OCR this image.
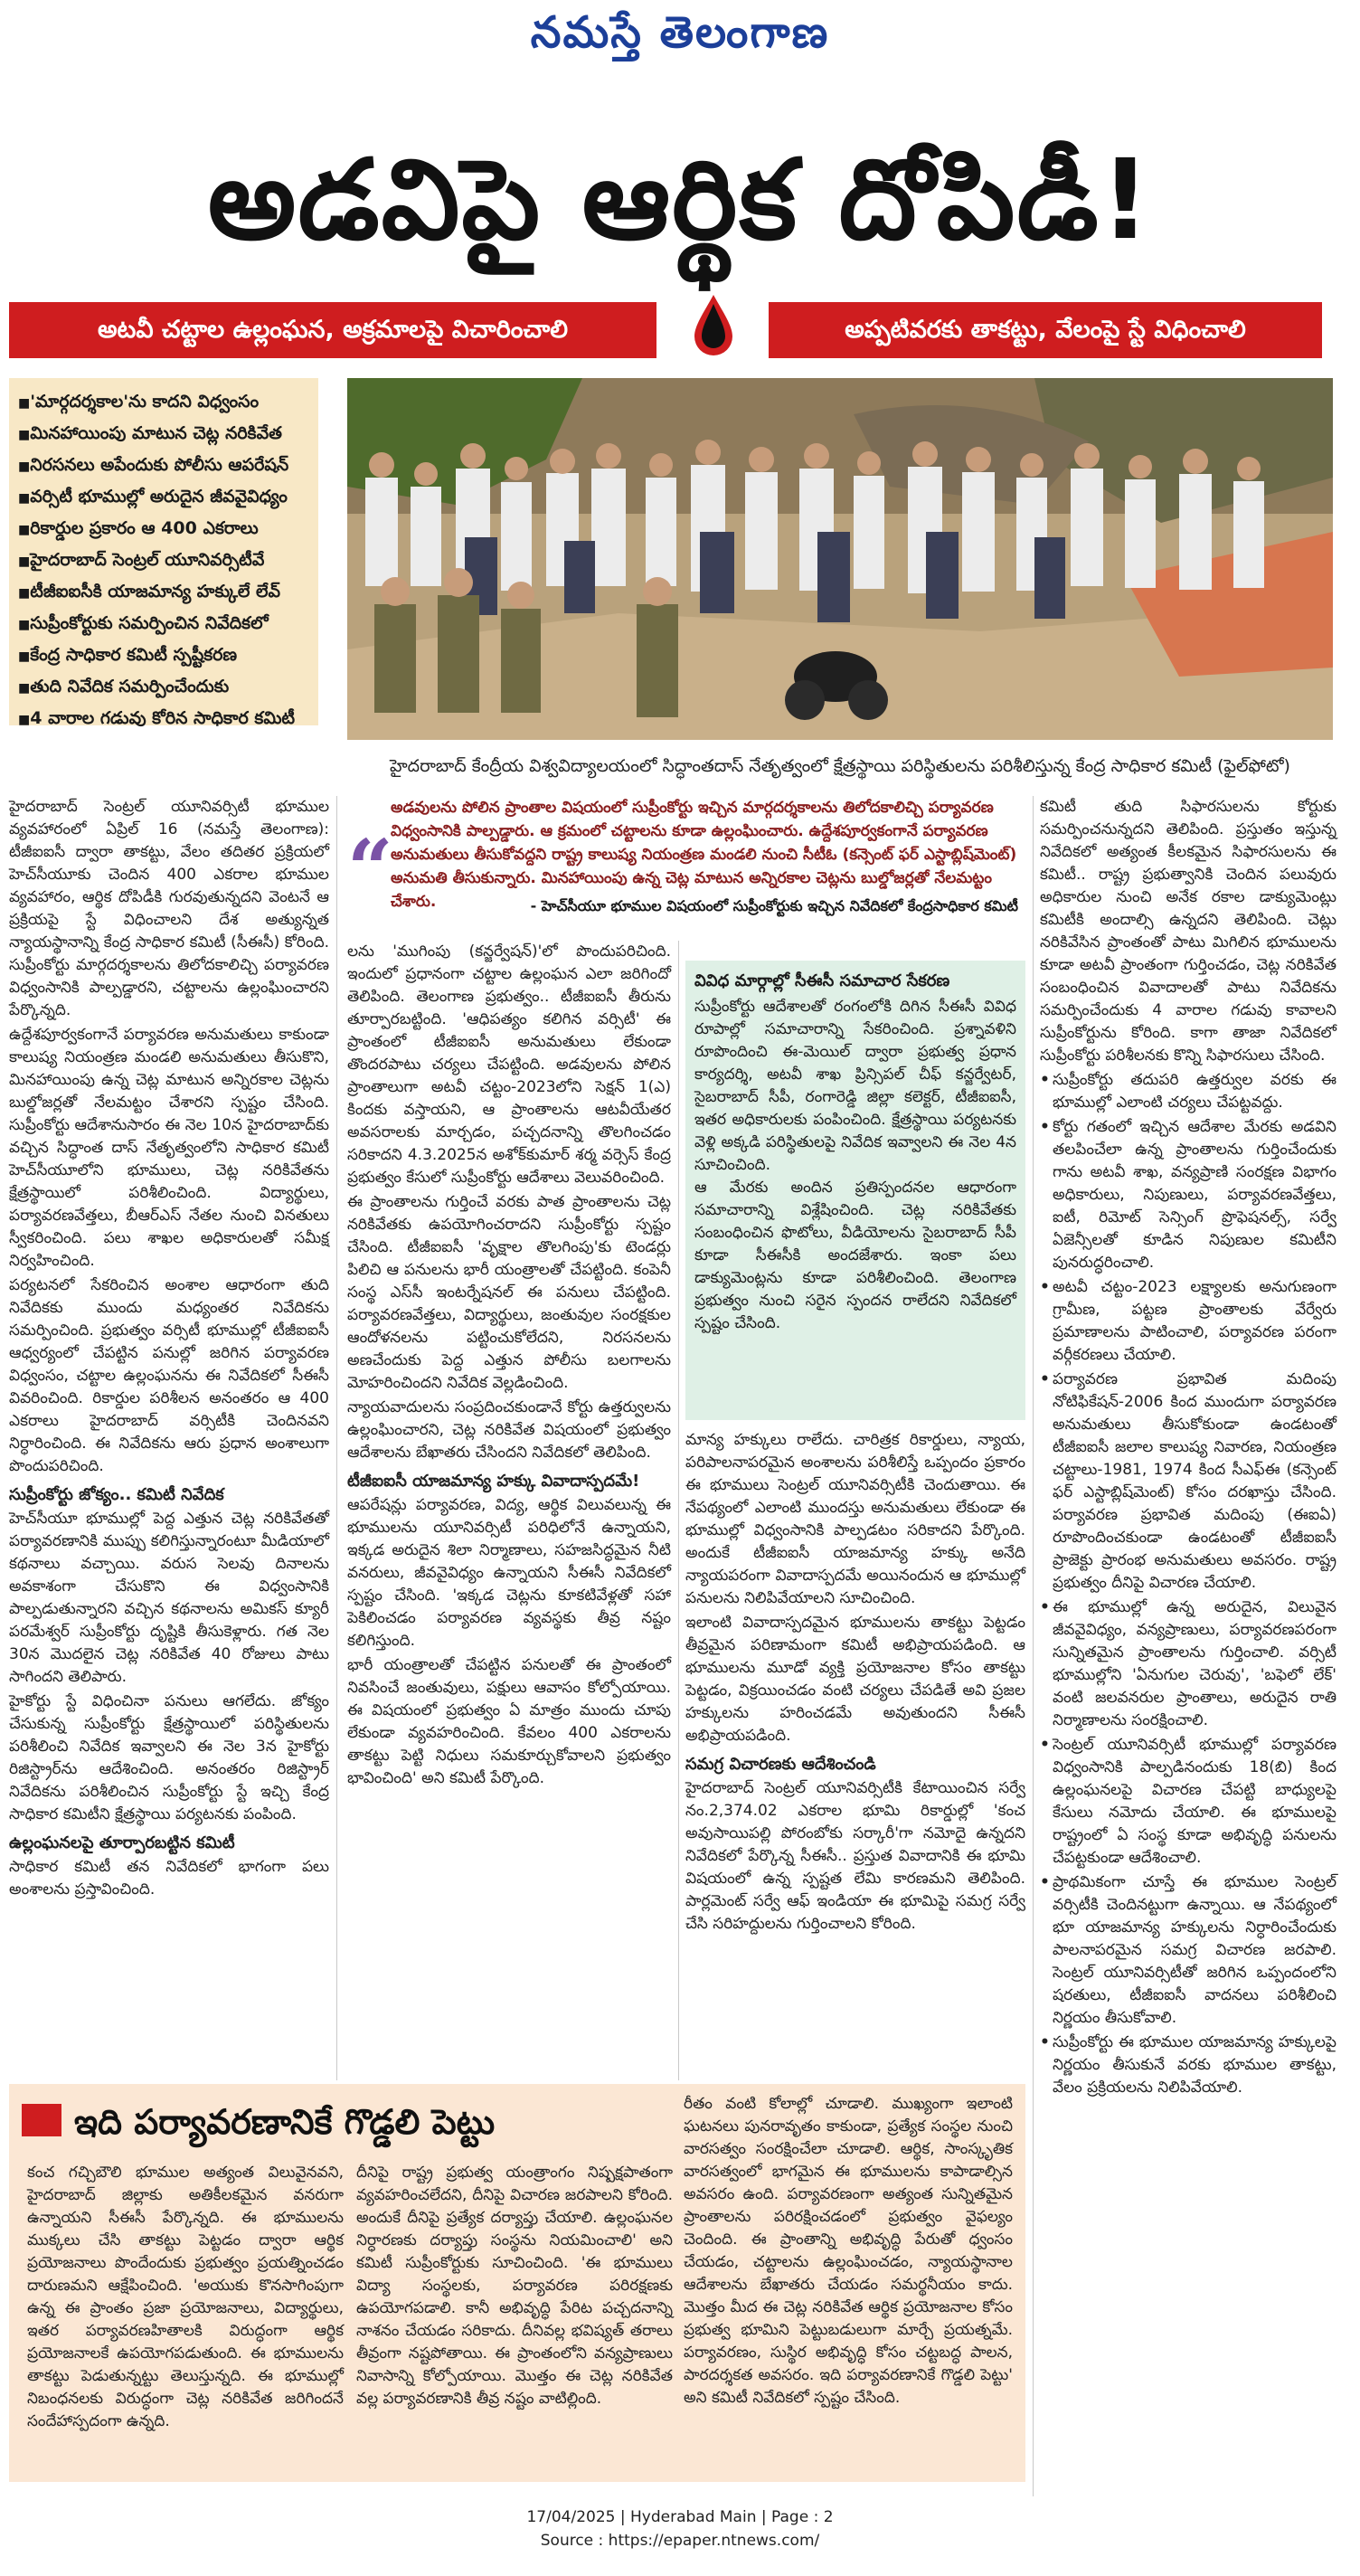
నమస్తే తెలంగాణ
అడవిపై ఆర్థిక దోపిడీ!
అటవీ చట్టాల ఉల్లంఘన, అక్రమాలపై విచారించాలి	అప్పటివరకు తాకట్టు, వేలంపై స్టే విధించాలి
■ 'మార్గదర్శకాల'ను కాదని విధ్వంసం
■ మినహాయింపు మాటున చెట్ల నరికివేత
■ నిరసనలు అపేందుకు పోలీసు ఆపరేషన్
■ వర్సిటీ భూముల్లో అరుదైన జీవవైవిధ్యం
■ రికార్డుల ప్రకారం ఆ 400 ఎకరాలు
■ హైదరాబాద్ సెంట్రల్ యూనివర్సిటీవే
■ టీజీఐఐసీకి యాజమాన్య హక్కులే లేవ్
■ సుప్రీంకోర్టుకు సమర్పించిన నివేదికలో
■ కేంద్ర సాధికార కమిటీ స్పష్టీకరణ
■ తుది నివేదిక సమర్పించేందుకు
■ 4 వారాల గడువు కోరిన సాధికార కమిటీ
హైదరాబాద్ కేంద్రీయ విశ్వవిద్యాలయంలో సిద్ధాంతదాస్ నేతృత్వంలో క్షేత్రస్థాయి పరిస్థితులను పరిశీలిస్తున్న కేంద్ర సాధికార కమిటీ (ఫైల్‌ఫోటో)

హైదరాబాద్ సెంట్రల్ యూనివర్సిటీ భూముల వ్యవహారంలో ఏప్రిల్ 16 (నమస్తే తెలంగాణ): టీజీఐఐసీ ద్వారా తాకట్టు, వేలం తదితర ప్రక్రియలో హెచ్‌సీయూకు చెందిన 400 ఎకరాల భూముల వ్యవహారం, ఆర్థిక దోపిడీకి గురవుతున్నదని వెంటనే ఆ ప్రక్రియపై స్టే విధించాలని దేశ అత్యున్నత న్యాయస్థానాన్ని కేంద్ర సాధికార కమిటీ (సీఈసీ) కోరింది. సుప్రీంకోర్టు మార్గదర్శకాలను తిలోదకాలిచ్చి పర్యావరణ విధ్వంసానికి పాల్పడ్డారని, చట్టాలను ఉల్లంఘించారని పేర్కొన్నది.

ఉద్దేశపూర్వకంగానే పర్యావరణ అనుమతులు కాకుండా కాలుష్య నియంత్రణ మండలి అనుమతులు తీసుకొని, మినహాయింపు ఉన్న చెట్ల మాటున అన్నిరకాల చెట్లను బుల్డోజర్లతో నేలమట్టం చేశారని స్పష్టం చేసింది. సుప్రీంకోర్టు ఆదేశానుసారం ఈ నెల 10న హైదరాబాద్‌కు వచ్చిన సిద్ధాంత దాస్ నేతృత్వంలోని సాధికార కమిటీ హెచ్‌సీయూలోని భూములు, చెట్ల నరికివేతను క్షేత్రస్థాయిలో పరిశీలించింది. విద్యార్థులు, పర్యావరణవేత్తలు, బీఆర్ఎస్ నేతల నుంచి వినతులు స్వీకరించింది. పలు శాఖల అధికారులతో సమీక్ష నిర్వహించింది.

పర్యటనలో సేకరించిన అంశాల ఆధారంగా తుది నివేదికకు ముందు మధ్యంతర నివేదికను సమర్పించింది. ప్రభుత్వం వర్సిటీ భూముల్లో టీజీఐఐసీ ఆధ్వర్యంలో చేపట్టిన పనుల్లో జరిగిన పర్యావరణ విధ్వంసం, చట్టాల ఉల్లంఘనను ఈ నివేదికలో సీఈసీ వివరించింది. రికార్డుల పరిశీలన అనంతరం ఆ 400 ఎకరాలు హైదరాబాద్ వర్సిటీకి చెందినవని నిర్ధారించింది. ఈ నివేదికను ఆరు ప్రధాన అంశాలుగా పొందుపరిచింది.

సుప్రీంకోర్టు జోక్యం.. కమిటీ నివేదిక

హెచ్‌సీయూ భూముల్లో పెద్ద ఎత్తున చెట్ల నరికివేతతో పర్యావరణానికి ముప్పు కలిగిస్తున్నారంటూ మీడియాలో కథనాలు వచ్చాయి. వరుస సెలవు దినాలను అవకాశంగా చేసుకొని ఈ విధ్వంసానికి పాల్పడుతున్నారని వచ్చిన కథనాలను అమికస్ క్యూరీ పరమేశ్వర్ సుప్రీంకోర్టు దృష్టికి తీసుకెళ్లారు. గత నెల 30న మొదలైన చెట్ల నరికివేత 40 రోజులు పాటు సాగిందని తెలిపారు.

హైకోర్టు స్టే విధించినా పనులు ఆగలేదు. జోక్యం చేసుకున్న సుప్రీంకోర్టు క్షేత్రస్థాయిలో పరిస్థితులను పరిశీలించి నివేదిక ఇవ్వాలని ఈ నెల 3న హైకోర్టు రిజిస్ట్రార్‌ను ఆదేశించింది. అనంతరం రిజిస్ట్రార్ నివేదికను పరిశీలించిన సుప్రీంకోర్టు స్టే ఇచ్చి కేంద్ర సాధికార కమిటీని క్షేత్రస్థాయి పర్యటనకు పంపింది.

ఉల్లంఘనలపై తూర్పారబట్టిన కమిటీ

సాధికార కమిటీ తన నివేదికలో భాగంగా పలు అంశాలను ప్రస్తావించింది.

“
అడవులను పోలిన ప్రాంతాల విషయంలో సుప్రీంకోర్టు ఇచ్చిన మార్గదర్శకాలను తిలోదకాలిచ్చి పర్యావరణ విధ్వంసానికి పాల్పడ్డారు. ఆ క్రమంలో చట్టాలను కూడా ఉల్లంఘించారు. ఉద్దేశపూర్వకంగానే పర్యావరణ అనుమతులు తీసుకోవద్దని రాష్ట్ర కాలుష్య నియంత్రణ మండలి నుంచి సీటీఓ (కన్సెంట్ ఫర్ ఎస్టాబ్లిష్‌మెంట్) అనుమతి తీసుకున్నారు. మినహాయింపు ఉన్న చెట్ల మాటున అన్నిరకాల చెట్లను బుల్డోజర్లతో నేలమట్టం చేశారు.	- హెచ్‌సీయూ భూముల విషయంలో సుప్రీంకోర్టుకు ఇచ్చిన నివేదికలో కేంద్రసాధికార కమిటీ

లను 'ముగింపు (కన్జర్వేషన్)'లో పొందుపరిచింది. ఇందులో ప్రధానంగా చట్టాల ఉల్లంఘన ఎలా జరిగిందో తెలిపింది. తెలంగాణ ప్రభుత్వం.. టీజీఐఐసీ తీరును తూర్పారబట్టింది. 'ఆధిపత్యం కలిగిన వర్సిటీ' ఈ ప్రాంతంలో టీజీఐఐసీ అనుమతులు లేకుండా తొందరపాటు చర్యలు చేపట్టింది. అడవులను పోలిన ప్రాంతాలుగా అటవీ చట్టం-2023లోని సెక్షన్ 1(ఎ) కిందకు వస్తాయని, ఆ ప్రాంతాలను ఆటవీయేతర అవసరాలకు మార్చడం, పచ్చదనాన్ని తొలగించడం సరికాదని 4.3.2025న అశోక్‌కుమార్ శర్మ వర్సెస్ కేంద్ర ప్రభుత్వం కేసులో సుప్రీంకోర్టు ఆదేశాలు వెలువరించింది.

ఈ ప్రాంతాలను గుర్తించే వరకు పాత ప్రాంతాలను చెట్ల నరికివేతకు ఉపయోగించరాదని సుప్రీంకోర్టు స్పష్టం చేసింది. టీజీఐఐసీ 'వృక్షాల తొలగింపు'కు టెండర్లు పిలిచి ఆ పనులను భారీ యంత్రాలతో చేపట్టింది. కంపెనీ సంస్థ ఎస్‌సీ ఇంటర్నేషనల్ ఈ పనులు చేపట్టింది. పర్యావరణవేత్తలు, విద్యార్థులు, జంతువుల సంరక్షకుల ఆందోళనలను పట్టించుకోలేదని, నిరసనలను అణచేందుకు పెద్ద ఎత్తున పోలీసు బలగాలను మోహరించిందని నివేదిక వెల్లడించింది.

న్యాయవాదులను సంప్రదించకుండానే కోర్టు ఉత్తర్వులను ఉల్లంఘించారని, చెట్ల నరికివేత విషయంలో ప్రభుత్వం ఆదేశాలను బేఖాతరు చేసిందని నివేదికలో తెలిపింది.

టీజీఐఐసీ యాజమాన్య హక్కు వివాదాస్పదమే!

ఆపరేషన్లు పర్యావరణ, విద్య, ఆర్థిక విలువలున్న ఈ భూములను యూనివర్సిటీ పరిధిలోనే ఉన్నాయని, ఇక్కడ అరుదైన శిలా నిర్మాణాలు, సహజసిద్ధమైన నీటి వనరులు, జీవవైవిధ్యం ఉన్నాయని సీఈసీ నివేదికలో స్పష్టం చేసింది. 'ఇక్కడ చెట్లను కూకటివేళ్లతో సహా పెకిలించడం పర్యావరణ వ్యవస్థకు తీవ్ర నష్టం కలిగిస్తుంది.

భారీ యంత్రాలతో చేపట్టిన పనులతో ఈ ప్రాంతంలో నివసించే జంతువులు, పక్షులు ఆవాసం కోల్పోయాయి. ఈ విషయంలో ప్రభుత్వం ఏ మాత్రం ముందు చూపు లేకుండా వ్యవహరించింది. కేవలం 400 ఎకరాలను తాకట్టు పెట్టి నిధులు సమకూర్చుకోవాలని ప్రభుత్వం భావించింది' అని కమిటీ పేర్కొంది.

వివిధ మార్గాల్లో సీఈసీ సమాచార సేకరణ

సుప్రీంకోర్టు ఆదేశాలతో రంగంలోకి దిగిన సీఈసీ వివిధ రూపాల్లో సమాచారాన్ని సేకరించింది. ప్రశ్నావళిని రూపొందించి ఈ-మెయిల్ ద్వారా ప్రభుత్వ ప్రధాన కార్యదర్శి, అటవీ శాఖ ప్రిన్సిపల్ చీఫ్ కన్జర్వేటర్, సైబరాబాద్ సీపీ, రంగారెడ్డి జిల్లా కలెక్టర్, టీజీఐఐసీ, ఇతర అధికారులకు పంపించింది. క్షేత్రస్థాయి పర్యటనకు వెళ్లి అక్కడి పరిస్థితులపై నివేదిక ఇవ్వాలని ఈ నెల 4న సూచించింది.

ఆ మేరకు అందిన ప్రతిస్పందనల ఆధారంగా సమాచారాన్ని విశ్లేషించింది. చెట్ల నరికివేతకు సంబంధించిన ఫొటోలు, వీడియోలను సైబరాబాద్ సీపీ కూడా సీఈసీకి అందజేశారు. ఇంకా పలు డాక్యుమెంట్లను కూడా పరిశీలించింది. తెలంగాణ ప్రభుత్వం నుంచి సరైన స్పందన రాలేదని నివేదికలో స్పష్టం చేసింది.

మాన్య హక్కులు రాలేదు. చారిత్రక రికార్డులు, న్యాయ, పరిపాలనాపరమైన అంశాలను పరిశీలిస్తే ఒప్పందం ప్రకారం ఈ భూములు సెంట్రల్ యూనివర్సిటీకి చెందుతాయి. ఈ నేపథ్యంలో ఎలాంటి ముందస్తు అనుమతులు లేకుండా ఈ భూముల్లో విధ్వంసానికి పాల్పడటం సరికాదని పేర్కొంది. అందుకే టీజీఐఐసీ యాజమాన్య హక్కు అనేది న్యాయపరంగా వివాదాస్పదమే అయినందున ఆ భూముల్లో పనులను నిలిపివేయాలని సూచించింది.

ఇలాంటి వివాదాస్పదమైన భూములను తాకట్టు పెట్టడం తీవ్రమైన పరిణామంగా కమిటీ అభిప్రాయపడింది. ఆ భూములను మూడో వ్యక్తి ప్రయోజనాల కోసం తాకట్టు పెట్టడం, విక్రయించడం వంటి చర్యలు చేపడితే అవి ప్రజల హక్కులను హరించడమే అవుతుందని సీఈసీ అభిప్రాయపడింది.

సమగ్ర విచారణకు ఆదేశించండి

హైదరాబాద్ సెంట్రల్ యూనివర్సిటీకి కేటాయించిన సర్వే నం.2,374.02 ఎకరాల భూమి రికార్డుల్లో 'కంచ అవుసాయిపల్లి పోరంబోకు సర్కారీ'గా నమోదై ఉన్నదని నివేదికలో పేర్కొన్న సీఈసీ.. ప్రస్తుత వివాదానికి ఈ భూమి విషయంలో ఉన్న స్పష్టత లేమి కారణమని తెలిపింది. పార్లమెంట్ సర్వే ఆఫ్ ఇండియా ఈ భూమిపై సమగ్ర సర్వే చేసి సరిహద్దులను గుర్తించాలని కోరింది.

కమిటీ తుది సిఫారసులను కోర్టుకు సమర్పించనున్నదని తెలిపింది. ప్రస్తుతం ఇస్తున్న నివేదికలో అత్యంత కీలకమైన సిఫారసులను ఈ కమిటీ.. రాష్ట్ర ప్రభుత్వానికి చెందిన పలువురు అధికారుల నుంచి అనేక రకాల డాక్యుమెంట్లు కమిటీకి అందాల్సి ఉన్నదని తెలిపింది. చెట్లు నరికివేసిన ప్రాంతంతో పాటు మిగిలిన భూములను కూడా అటవీ ప్రాంతంగా గుర్తించడం, చెట్ల నరికివేత సంబంధించిన వివాదాలతో పాటు నివేదికను సమర్పించేందుకు 4 వారాల గడువు కావాలని సుప్రీంకోర్టును కోరింది. కాగా తాజా నివేదికలో సుప్రీంకోర్టు పరిశీలనకు కొన్ని సిఫారసులు చేసింది.

• సుప్రీంకోర్టు తదుపరి ఉత్తర్వుల వరకు ఈ భూముల్లో ఎలాంటి చర్యలు చేపట్టవద్దు.
• కోర్టు గతంలో ఇచ్చిన ఆదేశాల మేరకు అడవిని తలపించేలా ఉన్న ప్రాంతాలను గుర్తించేందుకు గాను అటవీ శాఖ, వన్యప్రాణి సంరక్షణ విభాగం అధికారులు, నిపుణులు, పర్యావరణవేత్తలు, ఐటీ, రిమోట్ సెన్సింగ్ ప్రొఫెషనల్స్, సర్వే ఏజెన్సీలతో కూడిన నిపుణుల కమిటీని పునరుద్ధరించాలి.
• అటవీ చట్టం-2023 లక్ష్యాలకు అనుగుణంగా గ్రామీణ, పట్టణ ప్రాంతాలకు వేర్వేరు ప్రమాణాలను పాటించాలి, పర్యావరణ పరంగా వర్గీకరణలు చేయాలి.
• పర్యావరణ ప్రభావిత మదింపు నోటిఫికేషన్-2006 కింద ముందుగా పర్యావరణ అనుమతులు తీసుకోకుండా ఉండటంతో టీజీఐఐసీ జలాల కాలుష్య నివారణ, నియంత్రణ చట్టాలు-1981, 1974 కింద సీఎఫ్‌ఈ (కన్సెంట్ ఫర్ ఎస్టాబ్లిష్‌మెంట్) కోసం దరఖాస్తు చేసింది. పర్యావరణ ప్రభావిత మదింపు (ఈఐఏ) రూపొందించకుండా ఉండటంతో టీజీఐఐసీ ప్రాజెక్టు ప్రారంభ అనుమతులు అవసరం. రాష్ట్ర ప్రభుత్వం దీనిపై విచారణ చేయాలి.
• ఈ భూముల్లో ఉన్న అరుదైన, విలువైన జీవవైవిధ్యం, వన్యప్రాణులు, పర్యావరణపరంగా సున్నితమైన ప్రాంతాలను గుర్తించాలి. వర్సిటీ భూముల్లోని 'ఏనుగుల చెరువు', 'బఫెలో లేక్' వంటి జలవనరుల ప్రాంతాలు, అరుదైన రాతి నిర్మాణాలను సంరక్షించాలి.
• సెంట్రల్ యూనివర్సిటీ భూముల్లో పర్యావరణ విధ్వంసానికి పాల్పడినందుకు 18(బి) కింద ఉల్లంఘనలపై విచారణ చేపట్టి బాధ్యులపై కేసులు నమోదు చేయాలి. ఈ భూములపై రాష్ట్రంలో ఏ సంస్థ కూడా అభివృద్ధి పనులను చేపట్టకుండా ఆదేశించాలి.
• ప్రాథమికంగా చూస్తే ఈ భూముల సెంట్రల్ వర్సిటీకి చెందినట్టుగా ఉన్నాయి. ఆ నేపథ్యంలో భూ యాజమాన్య హక్కులను నిర్ధారించేందుకు పాలనాపరమైన సమగ్ర విచారణ జరపాలి. సెంట్రల్ యూనివర్సిటీతో జరిగిన ఒప్పందంలోని షరతులు, టీజీఐఐసీ వాదనలు పరిశీలించి నిర్ణయం తీసుకోవాలి.
• సుప్రీంకోర్టు ఈ భూముల యాజమాన్య హక్కులపై నిర్ణయం తీసుకునే వరకు భూముల తాకట్టు, వేలం ప్రక్రియలను నిలిపివేయాలి.
ఇది పర్యావరణానికే గొడ్డలి పెట్టు
కంచ గచ్చిబౌలి భూముల అత్యంత విలువైనవని, హైదరాబాద్ జిల్లాకు అతికీలకమైన వనరుగా ఉన్నాయని సీఈసీ పేర్కొన్నది. ఈ భూములను ముక్కలు చేసి తాకట్టు పెట్టడం ద్వారా ఆర్థిక ప్రయోజనాలు పొందేందుకు ప్రభుత్వం ప్రయత్నించడం దారుణమని ఆక్షేపించింది. 'అయుకు కొనసాగింపుగా ఉన్న ఈ ప్రాంతం ప్రజా ప్రయోజనాలు, విద్యార్థులు, ఇతర పర్యావరణహితాలకి విరుద్ధంగా ఆర్థిక ప్రయోజనాలకే ఉపయోగపడుతుంది. ఈ భూములను తాకట్టు పెడుతున్నట్టు తెలుస్తున్నది. ఈ భూముల్లో నిబంధనలకు విరుద్ధంగా చెట్ల నరికివేత జరిగిందనే సందేహాస్పదంగా ఉన్నది.
దీనిపై రాష్ట్ర ప్రభుత్వ యంత్రాంగం నిష్పక్షపాతంగా వ్యవహరించలేదని, దీనిపై విచారణ జరపాలని కోరింది. అందుకే దీనిపై ప్రత్యేక దర్యాప్తు చేయాలి. ఉల్లంఘనల నిర్ధారణకు దర్యాప్తు సంస్థను నియమించాలి' అని కమిటీ సుప్రీంకోర్టుకు సూచించింది. 'ఈ భూములు విద్యా సంస్థలకు, పర్యావరణ పరిరక్షణకు ఉపయోగపడాలి. కానీ అభివృద్ధి పేరిట పచ్చదనాన్ని నాశనం చేయడం సరికాదు. దీనివల్ల భవిష్యత్ తరాలు తీవ్రంగా నష్టపోతాయి. ఈ ప్రాంతంలోని వన్యప్రాణులు నివాసాన్ని కోల్పోయాయి. మొత్తం ఈ చెట్ల నరికివేత వల్ల పర్యావరణానికి తీవ్ర నష్టం వాటిల్లింది.
రీతం వంటి కోలాల్లో చూడాలి. ముఖ్యంగా ఇలాంటి ఘటనలు పునరావృతం కాకుండా, ప్రత్యేక సంస్థల నుంచి వారసత్వం సంరక్షించేలా చూడాలి. ఆర్థిక, సాంస్కృతిక వారసత్వంలో భాగమైన ఈ భూములను కాపాడాల్సిన అవసరం ఉంది. పర్యావరణంగా అత్యంత సున్నితమైన ప్రాంతాలను పరిరక్షించడంలో ప్రభుత్వం వైఫల్యం చెందింది. ఈ ప్రాంతాన్ని అభివృద్ధి పేరుతో ధ్వంసం చేయడం, చట్టాలను ఉల్లంఘించడం, న్యాయస్థానాల ఆదేశాలను బేఖాతరు చేయడం సమర్థనీయం కాదు. మొత్తం మీద ఈ చెట్ల నరికివేత ఆర్థిక ప్రయోజనాల కోసం ప్రభుత్వ భూమిని పెట్టుబడులుగా మార్చే ప్రయత్నమే. పర్యావరణం, సుస్థిర అభివృద్ధి కోసం చట్టబద్ధ పాలన, పారదర్శకత అవసరం. ఇది పర్యావరణానికే గొడ్డలి పెట్టు' అని కమిటీ నివేదికలో స్పష్టం చేసింది.
17/04/2025 | Hyderabad Main | Page : 2
Source : https://epaper.ntnews.com/
